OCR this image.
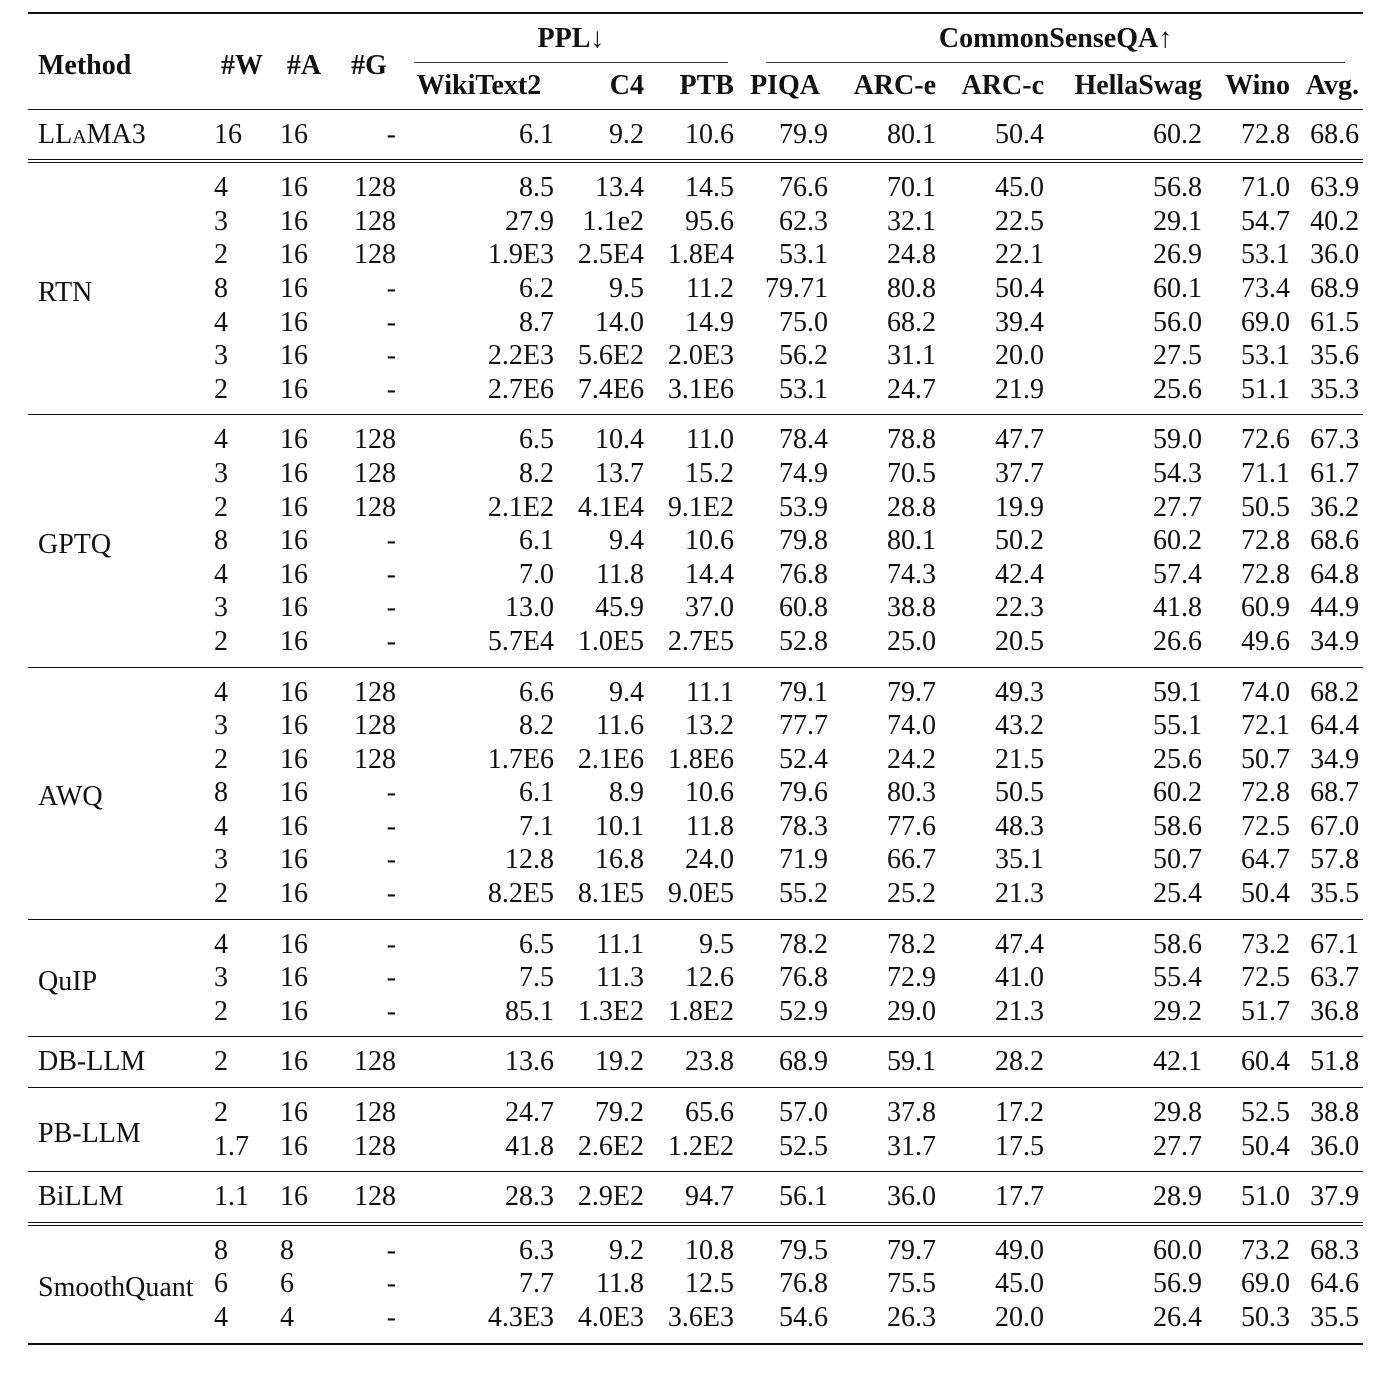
Method	#W	#A	#G	PPL↓			CommonSenseQA↑					

				WikiText2	C4	PTB	PIQA	ARC-e	ARC-c	HellaSwag	Wino	Avg.
LLaMA3	16	16	-	6.1	9.2	10.6	79.9	80.1	50.4	60.2	72.8	68.6
RTN	4	16	128	8.5	13.4	14.5	76.6	70.1	45.0	56.8	71.0	63.9
	3	16	128	27.9	1.1e2	95.6	62.3	32.1	22.5	29.1	54.7	40.2
	2	16	128	1.9E3	2.5E4	1.8E4	53.1	24.8	22.1	26.9	53.1	36.0
	8	16	-	6.2	9.5	11.2	79.71	80.8	50.4	60.1	73.4	68.9
	4	16	-	8.7	14.0	14.9	75.0	68.2	39.4	56.0	69.0	61.5
	3	16	-	2.2E3	5.6E2	2.0E3	56.2	31.1	20.0	27.5	53.1	35.6
	2	16	-	2.7E6	7.4E6	3.1E6	53.1	24.7	21.9	25.6	51.1	35.3
GPTQ	4	16	128	6.5	10.4	11.0	78.4	78.8	47.7	59.0	72.6	67.3
	3	16	128	8.2	13.7	15.2	74.9	70.5	37.7	54.3	71.1	61.7
	2	16	128	2.1E2	4.1E4	9.1E2	53.9	28.8	19.9	27.7	50.5	36.2
	8	16	-	6.1	9.4	10.6	79.8	80.1	50.2	60.2	72.8	68.6
	4	16	-	7.0	11.8	14.4	76.8	74.3	42.4	57.4	72.8	64.8
	3	16	-	13.0	45.9	37.0	60.8	38.8	22.3	41.8	60.9	44.9
	2	16	-	5.7E4	1.0E5	2.7E5	52.8	25.0	20.5	26.6	49.6	34.9
AWQ	4	16	128	6.6	9.4	11.1	79.1	79.7	49.3	59.1	74.0	68.2
	3	16	128	8.2	11.6	13.2	77.7	74.0	43.2	55.1	72.1	64.4
	2	16	128	1.7E6	2.1E6	1.8E6	52.4	24.2	21.5	25.6	50.7	34.9
	8	16	-	6.1	8.9	10.6	79.6	80.3	50.5	60.2	72.8	68.7
	4	16	-	7.1	10.1	11.8	78.3	77.6	48.3	58.6	72.5	67.0
	3	16	-	12.8	16.8	24.0	71.9	66.7	35.1	50.7	64.7	57.8
	2	16	-	8.2E5	8.1E5	9.0E5	55.2	25.2	21.3	25.4	50.4	35.5
QuIP	4	16	-	6.5	11.1	9.5	78.2	78.2	47.4	58.6	73.2	67.1
	3	16	-	7.5	11.3	12.6	76.8	72.9	41.0	55.4	72.5	63.7
	2	16	-	85.1	1.3E2	1.8E2	52.9	29.0	21.3	29.2	51.7	36.8
DB-LLM	2	16	128	13.6	19.2	23.8	68.9	59.1	28.2	42.1	60.4	51.8
PB-LLM	2	16	128	24.7	79.2	65.6	57.0	37.8	17.2	29.8	52.5	38.8
	1.7	16	128	41.8	2.6E2	1.2E2	52.5	31.7	17.5	27.7	50.4	36.0
BiLLM	1.1	16	128	28.3	2.9E2	94.7	56.1	36.0	17.7	28.9	51.0	37.9
SmoothQuant	8	8	-	6.3	9.2	10.8	79.5	79.7	49.0	60.0	73.2	68.3
	6	6	-	7.7	11.8	12.5	76.8	75.5	45.0	56.9	69.0	64.6
	4	4	-	4.3E3	4.0E3	3.6E3	54.6	26.3	20.0	26.4	50.3	35.5
